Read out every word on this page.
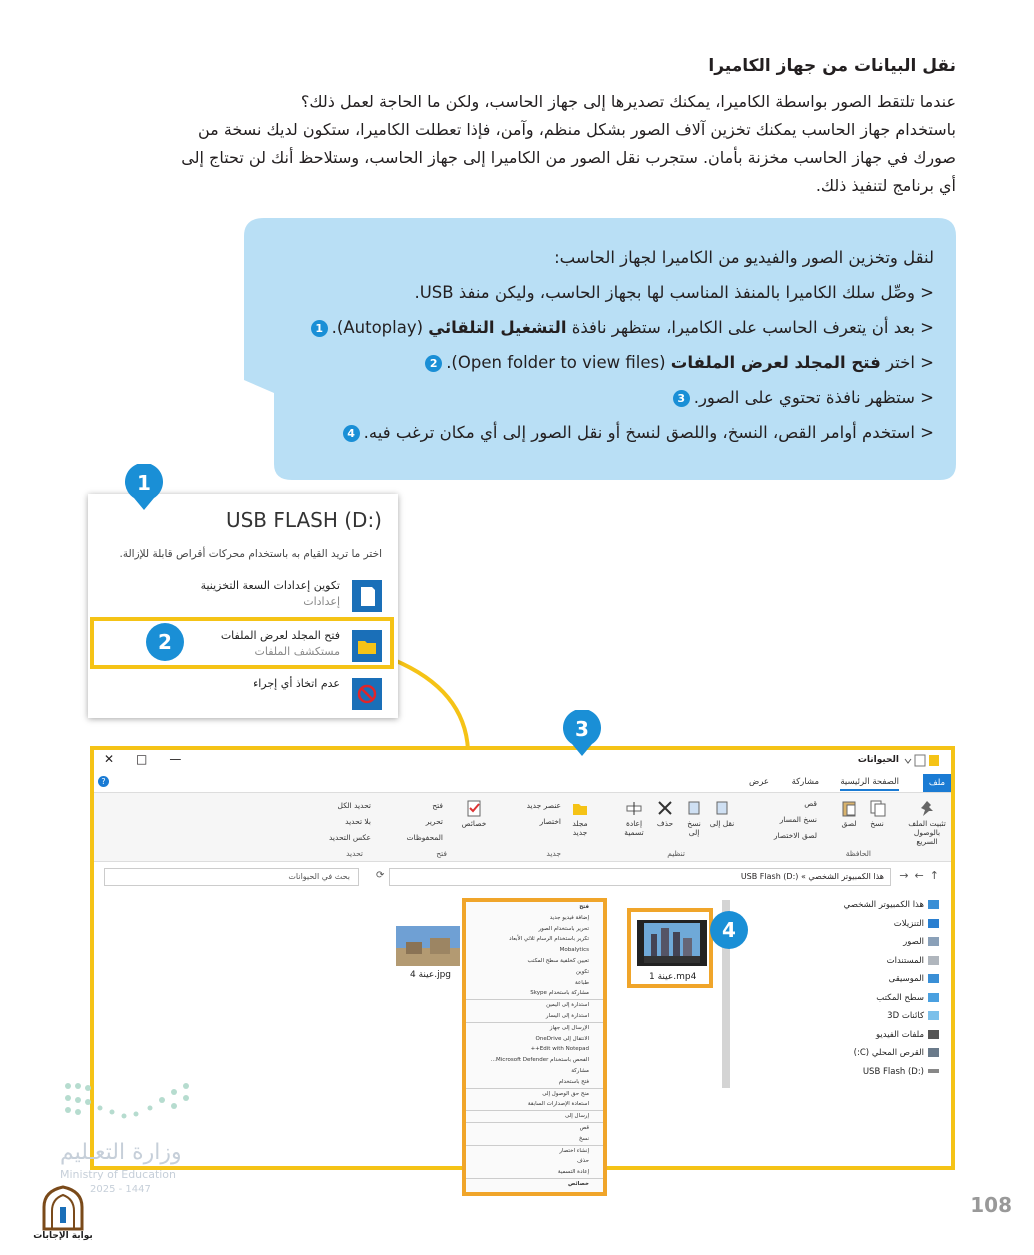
نقل البيانات من جهاز الكاميرا
عندما تلتقط الصور بواسطة الكاميرا، يمكنك تصديرها إلى جهاز الحاسب، ولكن ما الحاجة لعمل ذلك؟
باستخدام جهاز الحاسب يمكنك تخزين آلاف الصور بشكل منظم، وآمن، فإذا تعطلت الكاميرا، ستكون لديك نسخة من
صورك في جهاز الحاسب مخزنة بأمان. ستجرب نقل الصور من الكاميرا إلى جهاز الحاسب، وستلاحظ أنك لن تحتاج إلى
أي برنامج لتنفيذ ذلك.
لنقل وتخزين الصور والفيديو من الكاميرا لجهاز الحاسب:
< وصِّل سلك الكاميرا بالمنفذ المناسب لها بجهاز الحاسب، وليكن منفذ USB.
< بعد أن يتعرف الحاسب على الكاميرا، ستظهر نافذة التشغيل التلقائي (Autoplay).1
< اختر فتح المجلد لعرض الملفات (Open folder to view files).2
< ستظهر نافذة تحتوي على الصور.3
< استخدم أوامر القص، النسخ، واللصق لنسخ أو نقل الصور إلى أي مكان ترغب فيه.4
USB FLASH (D:)
اختر ما تريد القيام به باستخدام محركات أقراص قابلة للإزالة.
تكوين إعدادات السعة التخزينية
إعدادات
فتح المجلد لعرض الملفات
مستكشف الملفات
عدم اتخاذ أي إجراء
✕□—	الحيوانات
ملف
الصفحة الرئيسية
مشاركة
عرض
?
تثبيت الملف بالوصول السريع
نسخ
لصق
قص
نسخ المسار
لصق الاختصار
الحافظة
نقل إلى
نسخ إلى
حذف
إعادة تسمية
تنظيم
مجلد جديد
عنصر جديد
اختصار
جديد
خصائص
فتح
تحرير
المحفوظات
فتح
تحديد الكل
بلا تحديد
عكس التحديد
تحديد
→←↑
USB Flash (D:) « هذا الكمبيوتر الشخصي
⟳
بحث في الحيوانات
هذا الكمبيوتر الشخصي
التنزيلات
الصور
المستندات
الموسيقى
سطح المكتب
كائنات 3D
ملفات الفيديو
القرص المحلي (C:)
USB Flash (D:)
عينة 1.mp4
عينة 4.jpg
فتح
إضافة فيديو جديد
تحرير باستخدام الصور
تكرير باستخدام الرسام ثلاثي الأبعاد
Mobalytics
تعيين كخلفية سطح المكتب
تكوين
طباعة
مشاركة باستخدام Skype
استدارة إلى اليمين
استدارة إلى اليسار
الإرسال إلى جهاز
الانتقال إلى OneDrive
Edit with Notepad++
الفحص باستخدام Microsoft Defender...
مشاركة
فتح باستخدام
منح حق الوصول إلى
استعادة الإصدارات السابقة
إرسال إلى
قص
نسخ
إنشاء اختصار
حذف
إعادة التسمية
خصائص
1
2
3
4
وزارة التعـليم
Ministry of Education
2025 - 1447
بوابة الإجابات
108
